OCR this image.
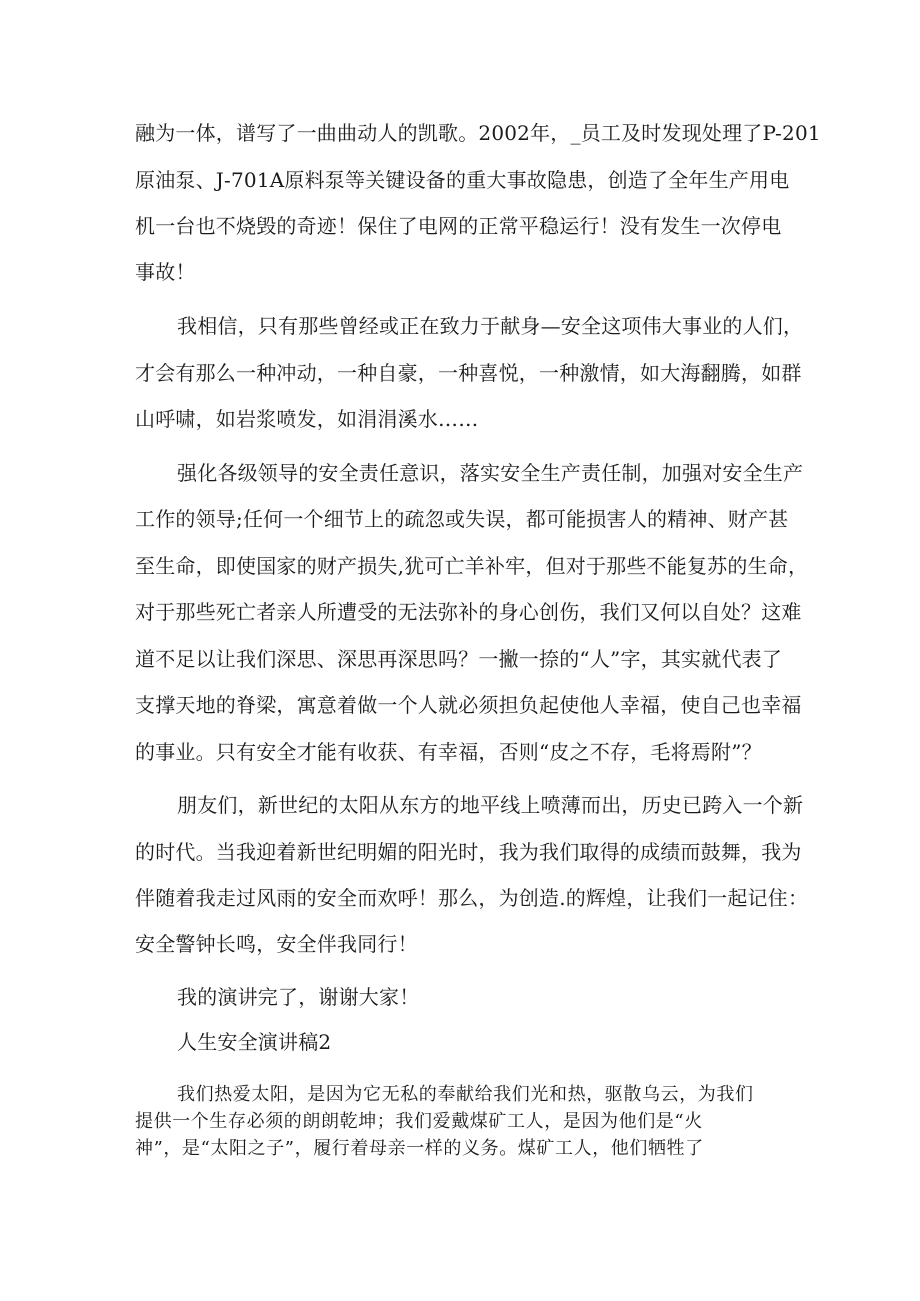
融为一体，谱写了一曲曲动人的凯歌。2002年，_员工及时发现处理了P-201
原油泵、J-701A原料泵等关键设备的重大事故隐患，创造了全年生产用电
机一台也不烧毁的奇迹！保住了电网的正常平稳运行！没有发生一次停电
事故！
我相信，只有那些曾经或正在致力于献身—安全这项伟大事业的人们，
才会有那么一种冲动，一种自豪，一种喜悦，一种激情，如大海翻腾，如群
山呼啸，如岩浆喷发，如涓涓溪水……
强化各级领导的安全责任意识，落实安全生产责任制，加强对安全生产
工作的领导;任何一个细节上的疏忽或失误，都可能损害人的精神、财产甚
至生命，即使国家的财产损失,犹可亡羊补牢，但对于那些不能复苏的生命，
对于那些死亡者亲人所遭受的无法弥补的身心创伤，我们又何以自处？这难
道不足以让我们深思、深思再深思吗？一撇一捺的“人”字，其实就代表了
支撑天地的脊梁，寓意着做一个人就必须担负起使他人幸福，使自己也幸福
的事业。只有安全才能有收获、有幸福，否则“皮之不存，毛将焉附”？
朋友们，新世纪的太阳从东方的地平线上喷薄而出，历史已跨入一个新
的时代。当我迎着新世纪明媚的阳光时，我为我们取得的成绩而鼓舞，我为
伴随着我走过风雨的安全而欢呼！那么，为创造.的辉煌，让我们一起记住：
安全警钟长鸣，安全伴我同行！
我的演讲完了，谢谢大家！
人生安全演讲稿2
我们热爱太阳，是因为它无私的奉献给我们光和热，驱散乌云，为我们
提供一个生存必须的朗朗乾坤；我们爱戴煤矿工人，是因为他们是“火
神”，是“太阳之子”，履行着母亲一样的义务。煤矿工人，他们牺牲了
